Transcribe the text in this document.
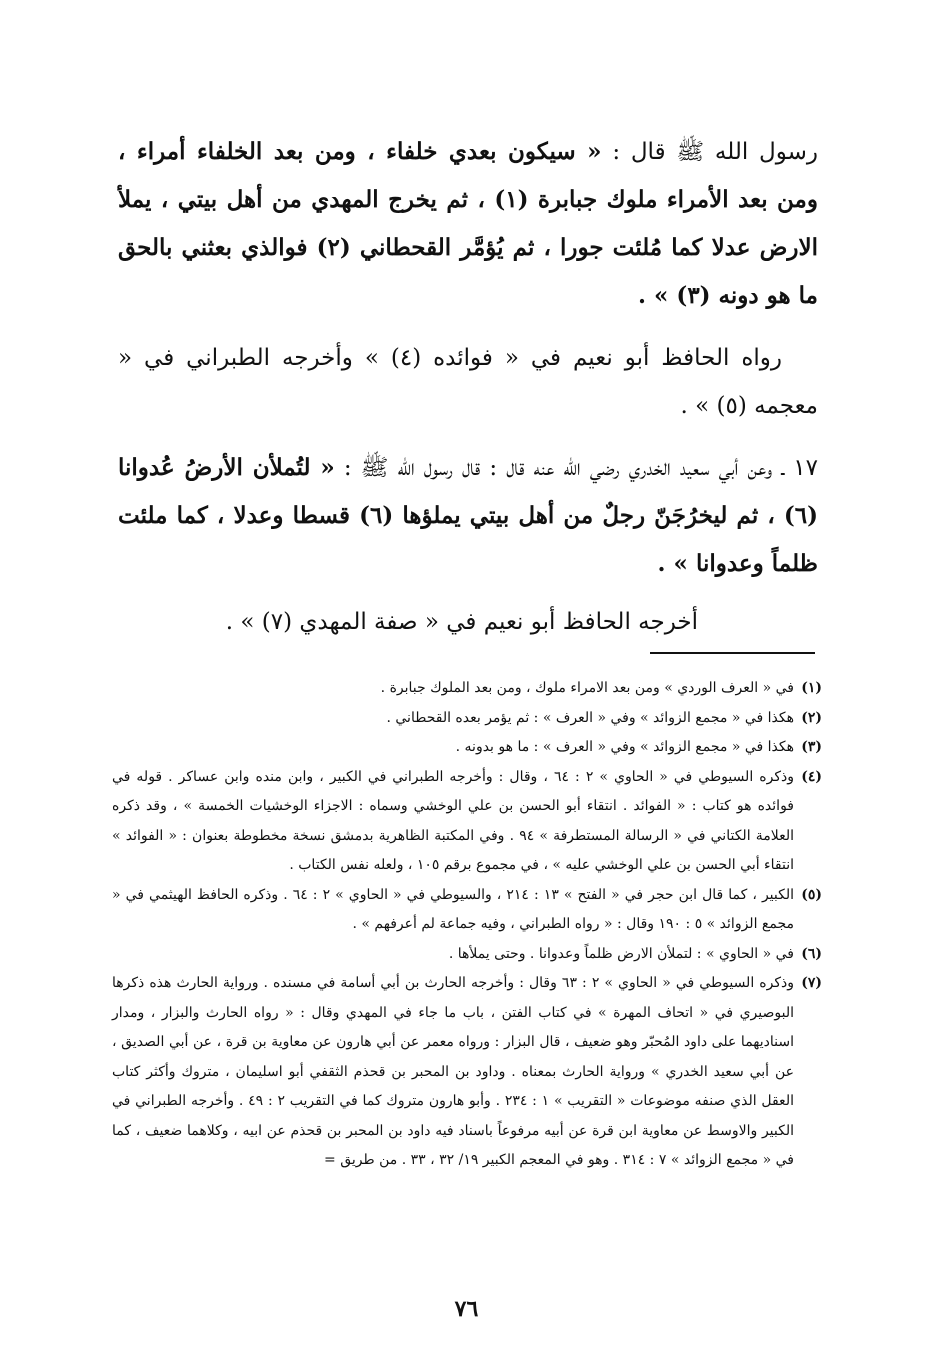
رسول الله ﷺ قال : « سيكون بعدي خلفاء ، ومن بعد الخلفاء أمراء ، ومن بعد الأمراء ملوك جبابرة (١) ، ثم يخرج المهدي من أهل بيتي ، يملأ الارض عدلا كما مُلئت جورا ، ثم يُؤمَّر القحطاني (٢) فوالذي بعثني بالحق ما هو دونه (٣) » .

رواه الحافظ أبو نعيم في « فوائده (٤) » وأخرجه الطبراني في « معجمه (٥) » .

١٧ ـ وعن أبي سعيد الخدري رضي الله عنه قال : قال رسول الله ﷺ : « لتُملأن الأرضُ عُدوانا (٦) ، ثم ليخرُجَنّ رجلٌ من أهل بيتي يملؤها (٦) قسطا وعدلا ، كما ملئت ظلماً وعدوانا » .

أخرجه الحافظ أبو نعيم في « صفة المهدي (٧) » .

(١)
في « العرف الوردي » ومن بعد الامراء ملوك ، ومن بعد الملوك جبابرة .
(٢)
هكذا في « مجمع الزوائد » وفي « العرف » : ثم يؤمر بعده القحطاني .
(٣)
هكذا في « مجمع الزوائد » وفي « العرف » : ما هو بدونه .
(٤)
وذكره السيوطي في « الحاوي » ٢ : ٦٤ ، وقال : وأخرجه الطبراني في الكبير ، وابن منده وابن عساكر . قوله في فوائده هو كتاب : « الفوائد . انتقاء أبو الحسن بن علي الوخشي وسماه : الاجزاء الوخشيات الخمسة » ، وقد ذكره العلامة الكتاني في « الرسالة المستطرفة » ٩٤ . وفي المكتبة الظاهرية بدمشق نسخة مخطوطة بعنوان : « الفوائد » انتقاء أبي الحسن بن علي الوخشي عليه » ، في مجموع برقم ١٠٥ ، ولعله نفس الكتاب .
(٥)
الكبير ، كما قال ابن حجر في « الفتح » ١٣ : ٢١٤ ، والسيوطي في « الحاوي » ٢ : ٦٤ . وذكره الحافظ الهيثمي في « مجمع الزوائد » ٥ : ١٩٠ وقال : « رواه الطبراني ، وفيه جماعة لم أعرفهم » .
(٦)
في « الحاوي » : لتملأن الارض ظلماً وعدوانا . وحتى يملأها .
(٧)
وذكره السيوطي في « الحاوي » ٢ : ٦٣ وقال : وأخرجه الحارث بن أبي أسامة في مسنده . ورواية الحارث هذه ذكرها البوصيري في « اتحاف المهرة » في كتاب الفتن ، باب ما جاء في المهدي وقال : « رواه الحارث والبزار ، ومدار اسناديهما على داود المُحبّر وهو ضعيف ، قال البزار : ورواه معمر عن أبي هارون عن معاوية بن قرة ، عن أبي الصديق ، عن أبي سعيد الخدري » ورواية الحارث بمعناه . وداود بن المحبر بن قحذم الثقفي أبو اسليمان ، متروك وأكثر كتاب العقل الذي صنفه موضوعات « التقريب » ١ : ٢٣٤ . وأبو هارون متروك كما في التقريب ٢ : ٤٩ . وأخرجه الطبراني في الكبير والاوسط عن معاوية ابن قرة عن أبيه مرفوعاً باسناد فيه داود بن المحبر بن قحذم عن ابيه ، وكلاهما ضعيف ، كما في « مجمع الزوائد » ٧ : ٣١٤ . وهو في المعجم الكبير ١٩/ ٣٢ ، ٣٣ . من طريق =
٧٦
